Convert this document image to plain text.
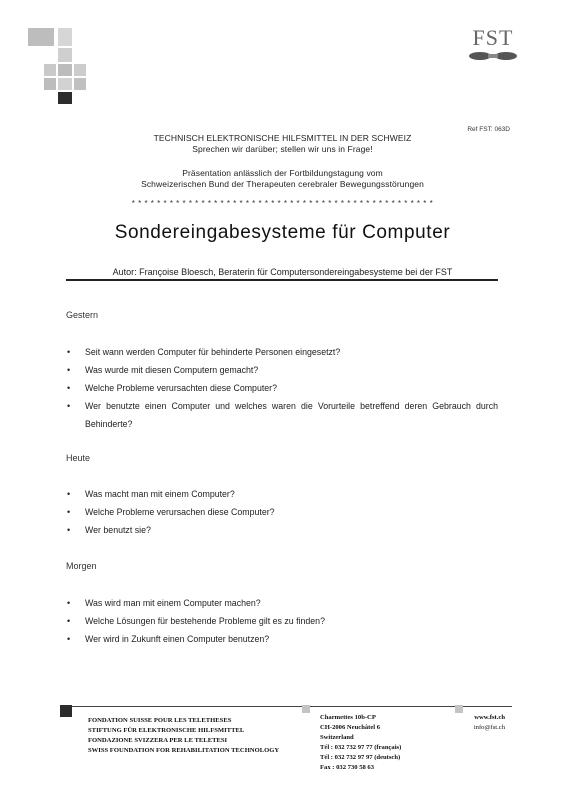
FST
Ref FST: 063D
TECHNISCH ELEKTRONISCHE HILFSMITTEL IN DER SCHWEIZ
Sprechen wir darüber; stellen wir uns in Frage!
Präsentation anlässlich der Fortbildungstagung vom
Schweizerischen Bund der Therapeuten cerebraler Bewegungsstörungen
* * * * * * * * * * * * * * * * * * * * * * * * * * * * * * * * * * * * * * * * * * * * * * * *
Sondereingabesysteme für Computer
Autor: Françoise Bloesch, Beraterin für Computersondereingabesysteme bei der FST
Gestern
• Seit wann werden Computer für behinderte Personen eingesetzt?
• Was wurde mit diesen Computern gemacht?
• Welche Probleme verursachten diese Computer?
• Wer benutzte einen Computer und welches waren die Vorurteile betreffend deren Gebrauch durch Behinderte?
Heute
• Was macht man mit einem Computer?
• Welche Probleme verursachen diese Computer?
• Wer benutzt sie?
Morgen
• Was wird man mit einem Computer machen?
• Welche Lösungen für bestehende Probleme gilt es zu finden?
• Wer wird in Zukunft einen Computer benutzen?
FONDATION SUISSE POUR LES TELETHESES
STIFTUNG FÜR ELEKTRONISCHE HILFSMITTEL
FONDAZIONE SVIZZERA PER LE TELETESI
SWISS FOUNDATION FOR REHABILITATION TECHNOLOGY
Charmettes 10b-CP
CH-2006 Neuchâtel 6
Switzerland
Tél : 032 732 97 77 (français)
Tél : 032 732 97 97 (deutsch)
Fax : 032 730 58 63
www.fst.ch
info@fst.ch
